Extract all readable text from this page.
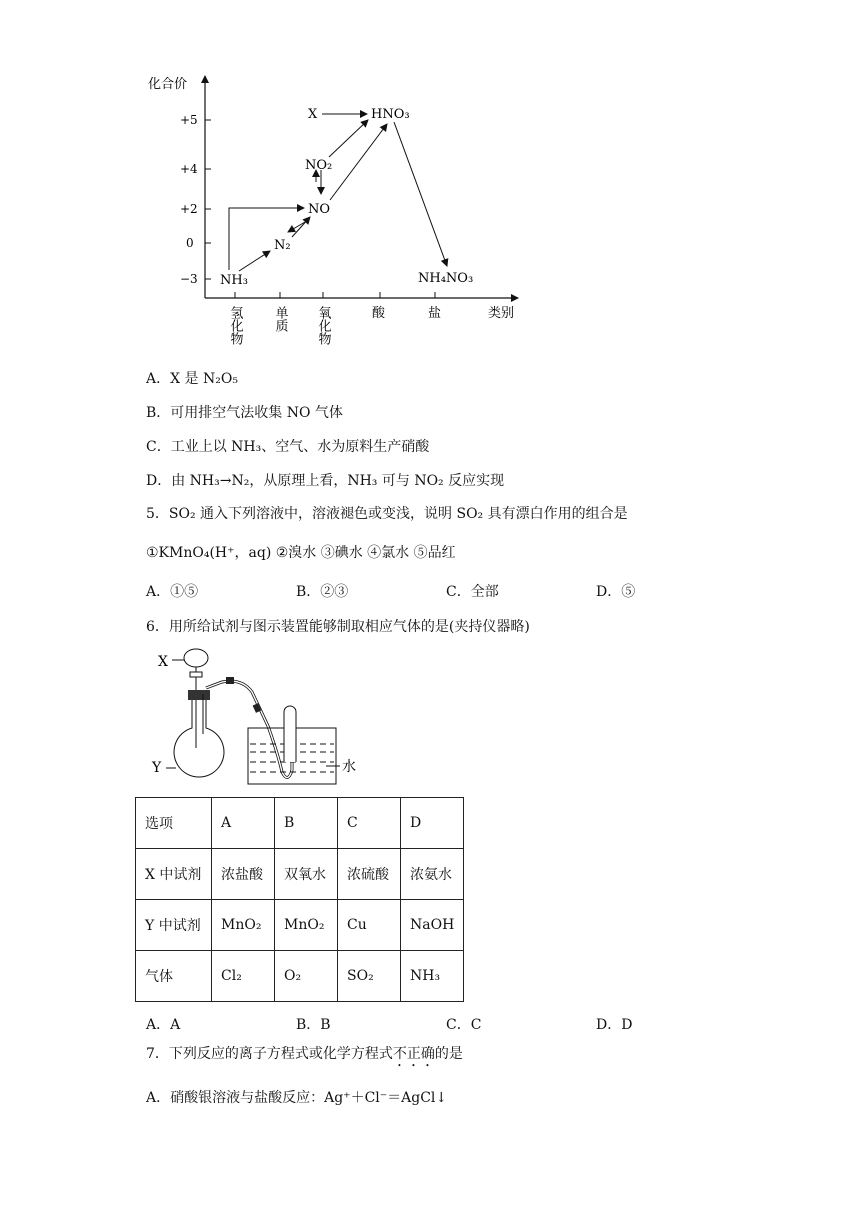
化合价
类别
+5
+4
+2
0
−3
氢化物 单质 氧化物	酸	盐
X	HNO₃
NO₂
NO
N₂
NH₃	NH₄NO₃
A．X 是 N₂O₅
B．可用排空气法收集 NO 气体
C．工业上以 NH₃、空气、水为原料生产硝酸
D．由 NH₃→N₂，从原理上看，NH₃ 可与 NO₂ 反应实现
5．SO₂ 通入下列溶液中，溶液褪色或变浅，说明 SO₂ 具有漂白作用的组合是
①KMnO₄(H⁺，aq) ②溴水 ③碘水 ④氯水 ⑤品红
A．①⑤	B．②③	C．全部	D．⑤
6．用所给试剂与图示装置能够制取相应气体的是(夹持仪器略)
X
Y	水
选项	A	B	C	D
X 中试剂	浓盐酸	双氧水	浓硫酸	浓氨水
Y 中试剂	MnO₂	MnO₂	Cu	NaOH
气体	Cl₂	O₂	SO₂	NH₃
A．A	B．B	C．C	D．D
7．下列反应的离子方程式或化学方程式不正确的是
A．硝酸银溶液与盐酸反应：Ag⁺＋Cl⁻＝AgCl↓
